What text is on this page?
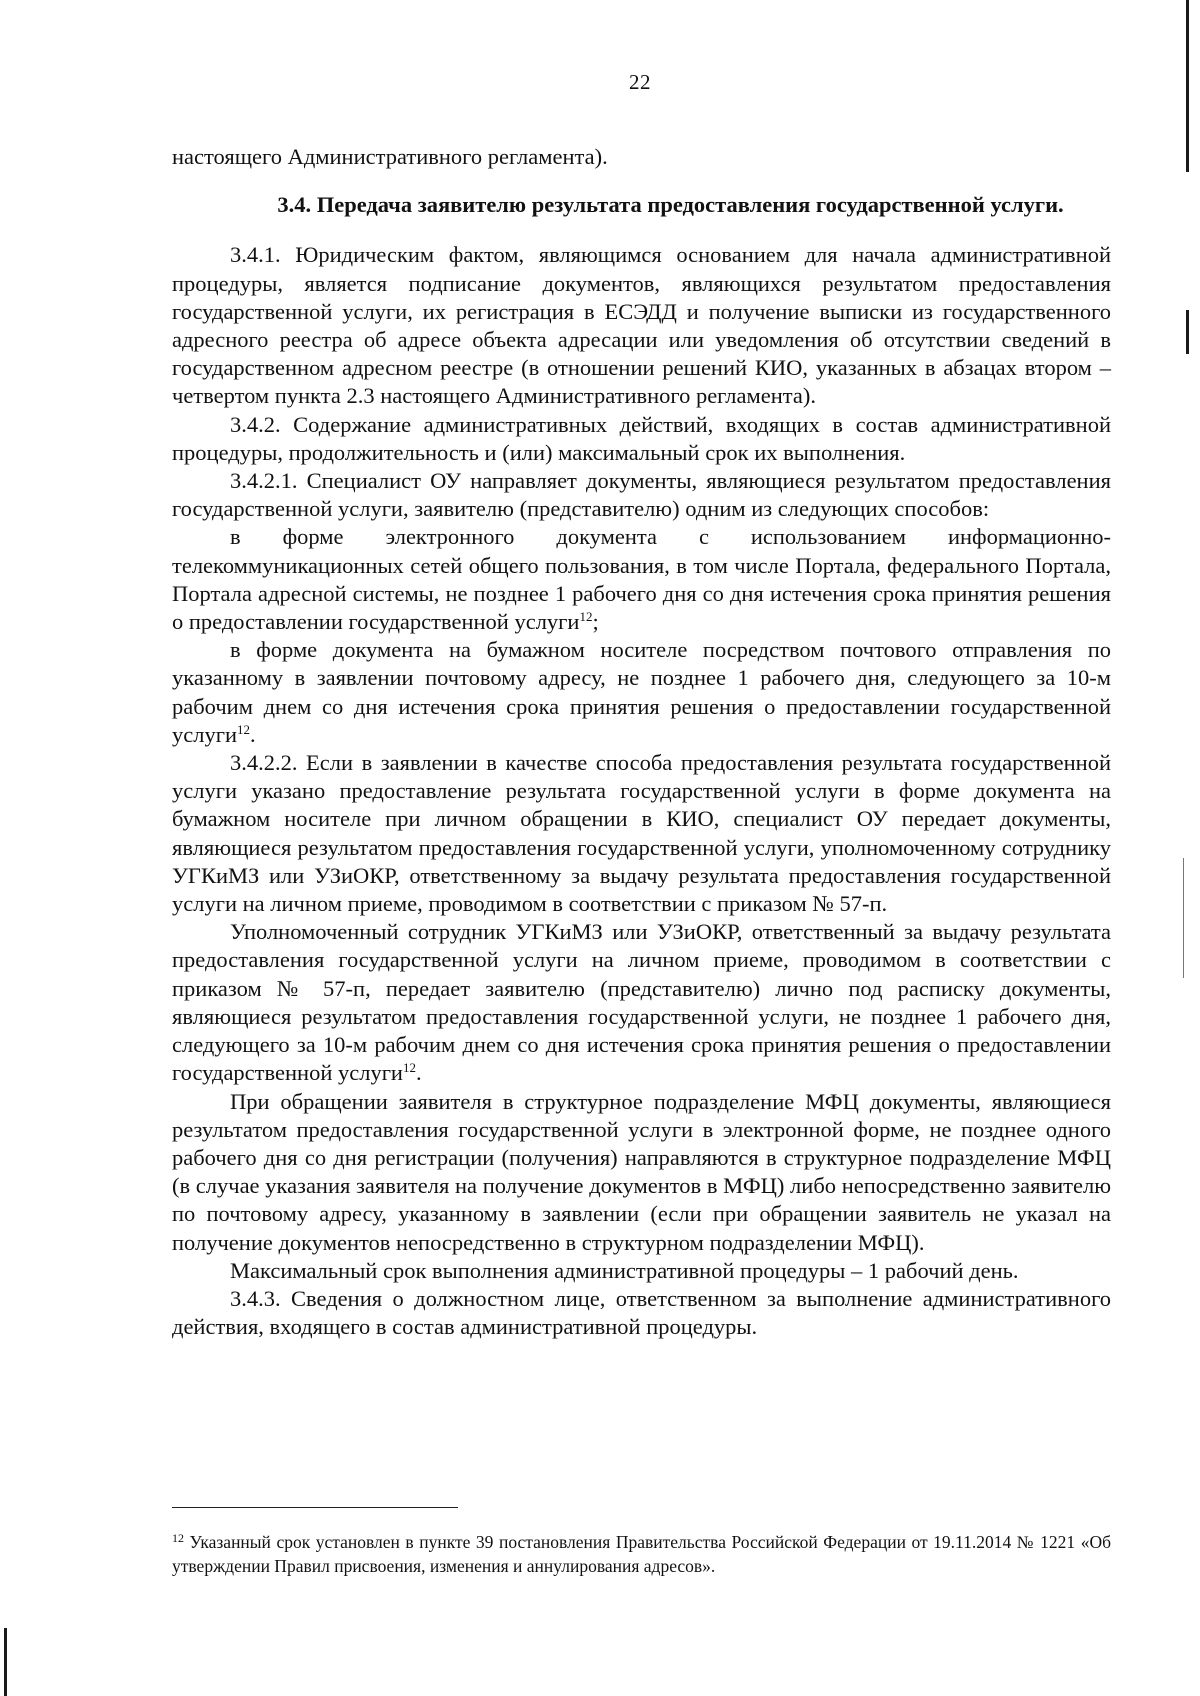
22

настоящего Административного регламента).

3.4. Передача заявителю результата предоставления государственной услуги.

3.4.1. Юридическим фактом, являющимся основанием для начала административной процедуры, является подписание документов, являющихся результатом предоставления государственной услуги, их регистрация в ЕСЭДД и получение выписки из государственного адресного реестра об адресе объекта адресации или уведомления об отсутствии сведений в государственном адресном реестре (в отношении решений КИО, указанных в абзацах втором – четвертом пункта 2.3 настоящего Административного регламента).

3.4.2. Содержание административных действий, входящих в состав административной процедуры, продолжительность и (или) максимальный срок их выполнения.

3.4.2.1. Специалист ОУ направляет документы, являющиеся результатом предоставления государственной услуги, заявителю (представителю) одним из следующих способов:

в форме электронного документа с использованием информационно-телекоммуникационных сетей общего пользования, в том числе Портала, федерального Портала, Портала адресной системы, не позднее 1 рабочего дня со дня истечения срока принятия решения о предоставлении государственной услуги$^{12}$;

в форме документа на бумажном носителе посредством почтового отправления по указанному в заявлении почтовому адресу, не позднее 1 рабочего дня, следующего за 10-м рабочим днем со дня истечения срока принятия решения о предоставлении государственной услуги$^{12}$.

3.4.2.2. Если в заявлении в качестве способа предоставления результата государственной услуги указано предоставление результата государственной услуги в форме документа на бумажном носителе при личном обращении в КИО, специалист ОУ передает документы, являющиеся результатом предоставления государственной услуги, уполномоченному сотруднику УГКиМЗ или УЗиОКР, ответственному за выдачу результата предоставления государственной услуги на личном приеме, проводимом в соответствии с приказом № 57-п.

Уполномоченный сотрудник УГКиМЗ или УЗиОКР, ответственный за выдачу результата предоставления государственной услуги на личном приеме, проводимом в соответствии с приказом № 57-п, передает заявителю (представителю) лично под расписку документы, являющиеся результатом предоставления государственной услуги, не позднее 1 рабочего дня, следующего за 10-м рабочим днем со дня истечения срока принятия решения о предоставлении государственной услуги$^{12}$.

При обращении заявителя в структурное подразделение МФЦ документы, являющиеся результатом предоставления государственной услуги в электронной форме, не позднее одного рабочего дня со дня регистрации (получения) направляются в структурное подразделение МФЦ (в случае указания заявителя на получение документов в МФЦ) либо непосредственно заявителю по почтовому адресу, указанному в заявлении (если при обращении заявитель не указал на получение документов непосредственно в структурном подразделении МФЦ).

Максимальный срок выполнения административной процедуры – 1 рабочий день.

3.4.3. Сведения о должностном лице, ответственном за выполнение административного действия, входящего в состав административной процедуры.

$^{12}$ Указанный срок установлен в пункте 39 постановления Правительства Российской Федерации от 19.11.2014 № 1221 «Об утверждении Правил присвоения, изменения и аннулирования адресов».
